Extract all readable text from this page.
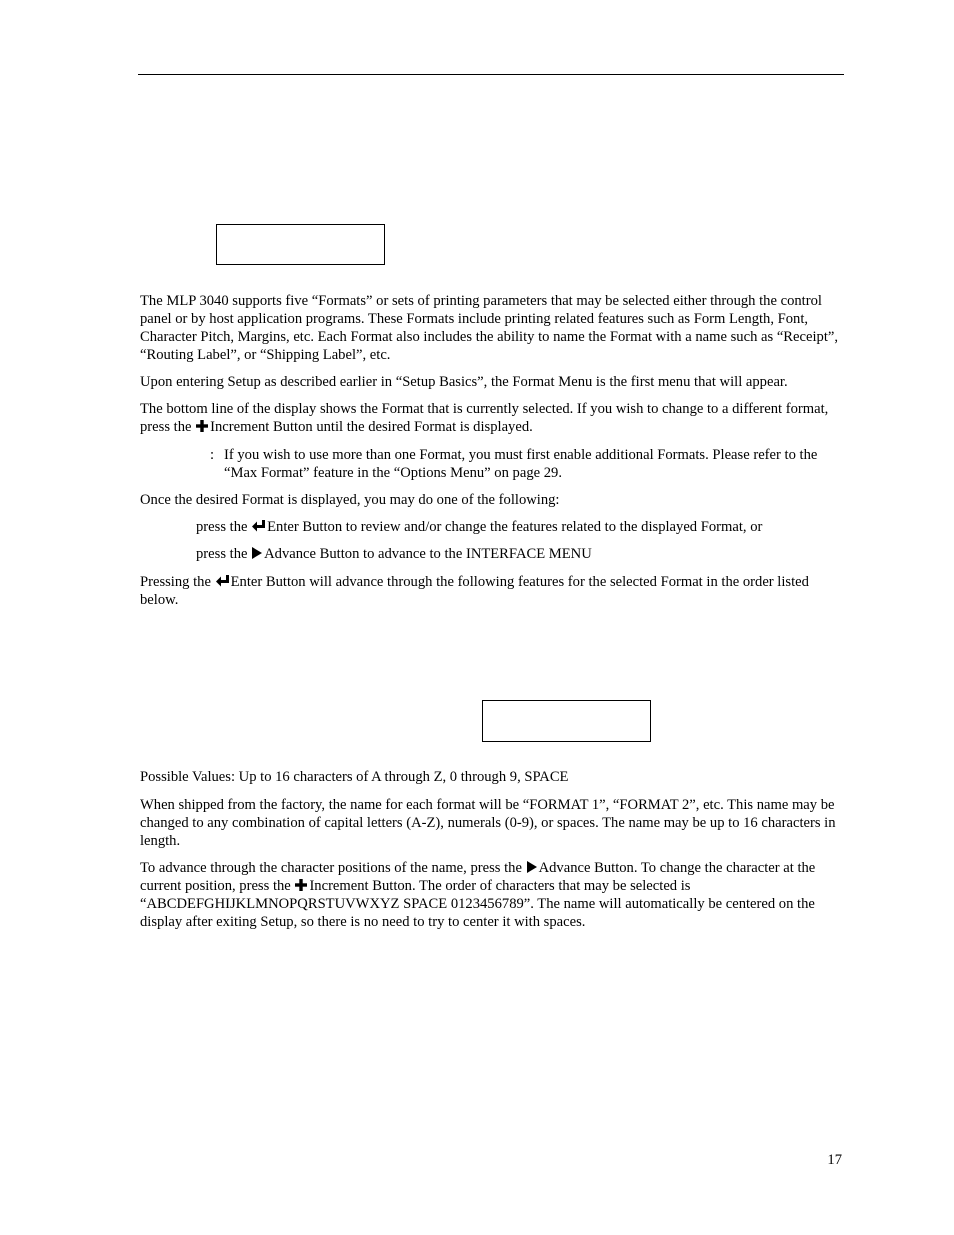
The MLP 3040 supports five “Formats” or sets of printing parameters that may be selected either through the control panel or by host application programs. These Formats include printing related features such as Form Length, Font, Character Pitch, Margins, etc. Each Format also includes the ability to name the Format with a name such as “Receipt”, “Routing Label”, or “Shipping Label”, etc.

Upon entering Setup as described earlier in “Setup Basics”, the Format Menu is the first menu that will appear.

The bottom line of the display shows the Format that is currently selected. If you wish to change to a different format, press the Increment Button until the desired Format is displayed.

: If you wish to use more than one Format, you must first enable additional Formats. Please refer to the “Max Format” feature in the “Options Menu” on page 29.

Once the desired Format is displayed, you may do one of the following:

press the Enter Button to review and/or change the features related to the displayed Format, or

press the Advance Button to advance to the INTERFACE MENU

Pressing the Enter Button will advance through the following features for the selected Format in the order listed below.

Possible Values: Up to 16 characters of A through Z, 0 through 9, SPACE

When shipped from the factory, the name for each format will be “FORMAT 1”, “FORMAT 2”, etc. This name may be changed to any combination of capital letters (A-Z), numerals (0-9), or spaces. The name may be up to 16 characters in length.

To advance through the character positions of the name, press the Advance Button. To change the character at the current position, press the Increment Button. The order of characters that may be selected is “ABCDEFGHIJKLMNOPQRSTUVWXYZ SPACE 0123456789”. The name will automatically be centered on the display after exiting Setup, so there is no need to try to center it with spaces.

17
